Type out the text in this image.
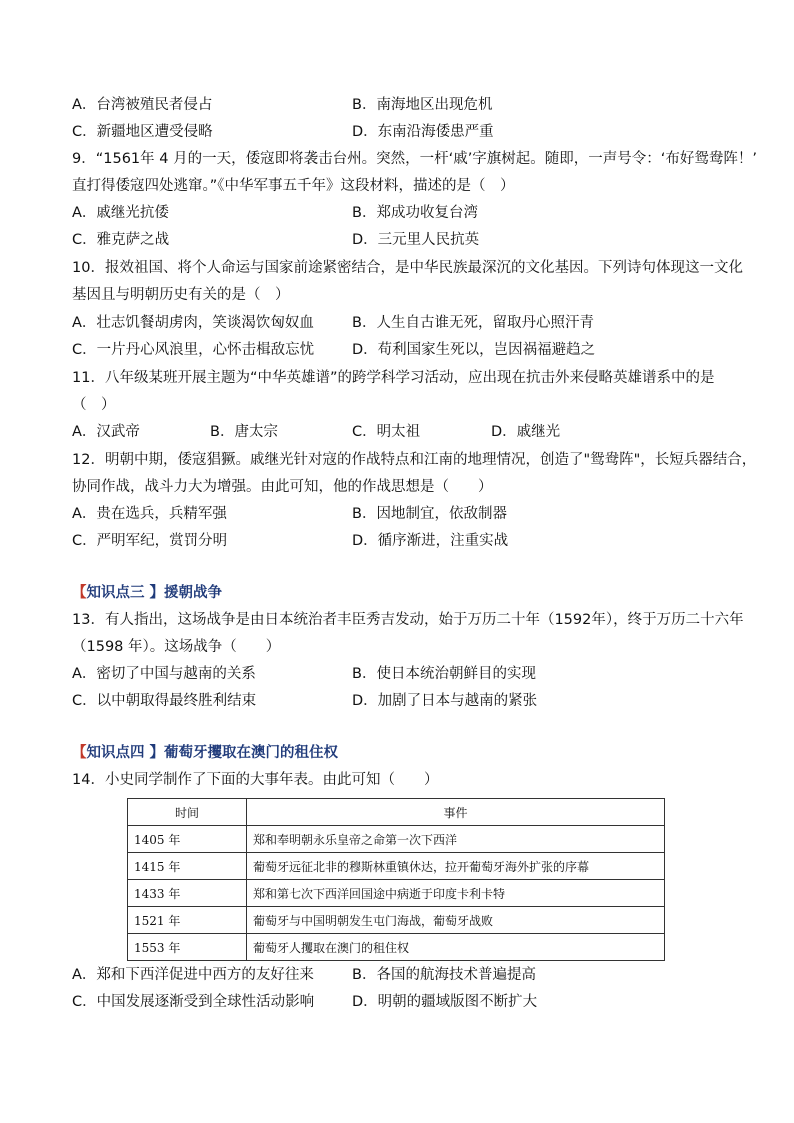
A．台湾被殖民者侵占	B．南海地区出现危机
C．新疆地区遭受侵略	D．东南沿海倭患严重
9．“1561年 4 月的一天，倭寇即将袭击台州。突然，一杆‘戚’字旗树起。随即，一声号令：‘布好鸳鸯阵！’
直打得倭寇四处逃窜。”《中华军事五千年》这段材料，描述的是（　）
A．戚继光抗倭	B．郑成功收复台湾
C．雅克萨之战	D．三元里人民抗英
10．报效祖国、将个人命运与国家前途紧密结合，是中华民族最深沉的文化基因。下列诗句体现这一文化
基因且与明朝历史有关的是（　）
A．壮志饥餐胡虏肉，笑谈渴饮匈奴血	B．人生自古谁无死，留取丹心照汗青
C．一片丹心风浪里，心怀击楫敌忘忧	D．苟利国家生死以，岂因祸福避趋之
11．八年级某班开展主题为“中华英雄谱”的跨学科学习活动，应出现在抗击外来侵略英雄谱系中的是
（　）
A．汉武帝	B．唐太宗	C．明太祖	D．戚继光
12．明朝中期，倭寇猖獗。戚继光针对寇的作战特点和江南的地理情况，创造了"鸳鸯阵"，长短兵器结合，
协同作战，战斗力大为增强。由此可知，他的作战思想是（　　）
A．贵在选兵，兵精军强	B．因地制宜，依敌制器
C．严明军纪，赏罚分明	D．循序渐进，注重实战
【知识点三 】援朝战争
13．有人指出，这场战争是由日本统治者丰臣秀吉发动，始于万历二十年（1592年），终于万历二十六年
（1598 年）。这场战争（　　）
A．密切了中国与越南的关系	B．使日本统治朝鲜目的实现
C．以中朝取得最终胜利结束	D．加剧了日本与越南的紧张
【知识点四 】葡萄牙攫取在澳门的租住权
14．小史同学制作了下面的大事年表。由此可知（　　）
时间	事件
1405 年	郑和奉明朝永乐皇帝之命第一次下西洋
1415 年	葡萄牙远征北非的穆斯林重镇休达，拉开葡萄牙海外扩张的序幕
1433 年	郑和第七次下西洋回国途中病逝于印度卡利卡特
1521 年	葡萄牙与中国明朝发生屯门海战，葡萄牙战败
1553 年	葡萄牙人攫取在澳门的租住权
A．郑和下西洋促进中西方的友好往来	B．各国的航海技术普遍提高
C．中国发展逐渐受到全球性活动影响	D．明朝的疆域版图不断扩大
